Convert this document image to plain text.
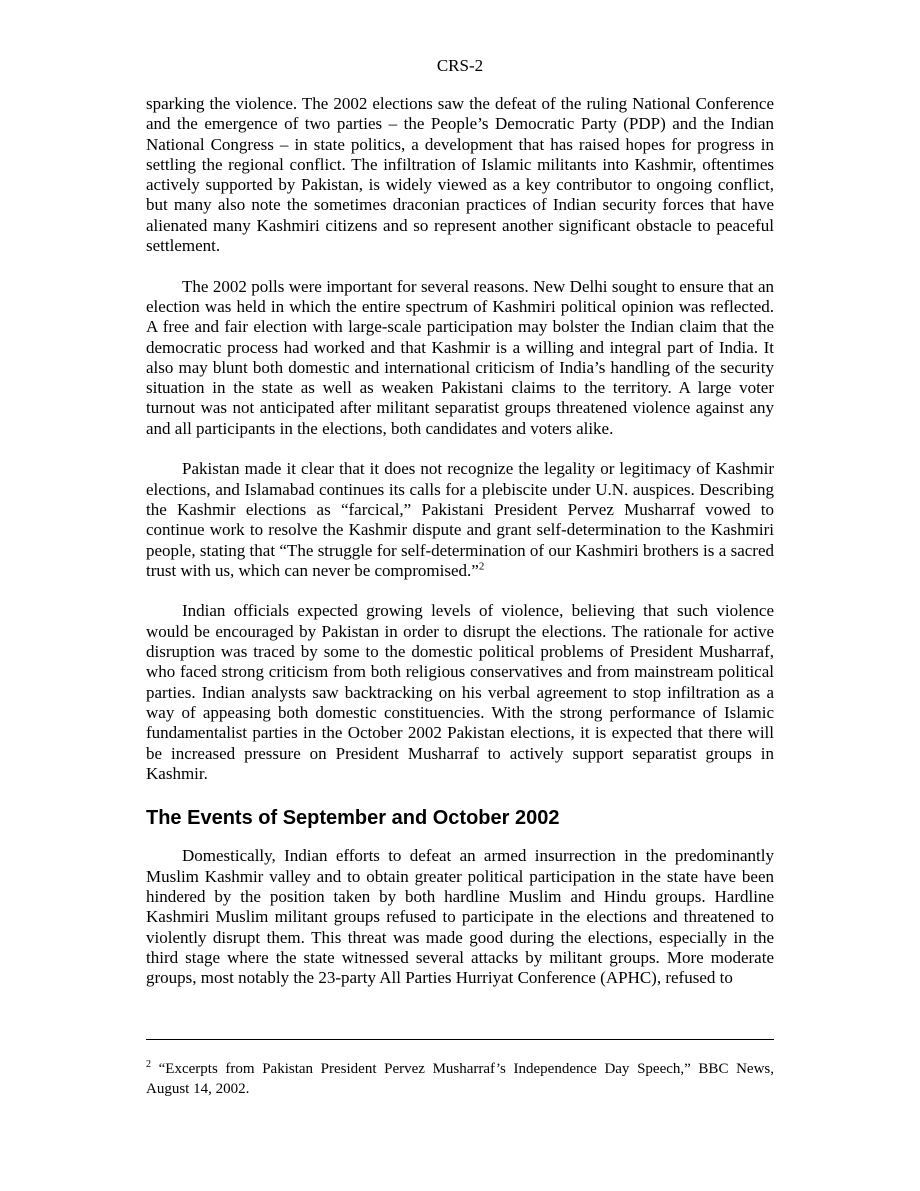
CRS-2

sparking the violence. The 2002 elections saw the defeat of the ruling National Conference and the emergence of two parties – the People’s Democratic Party (PDP) and the Indian National Congress – in state politics, a development that has raised hopes for progress in settling the regional conflict. The infiltration of Islamic militants into Kashmir, oftentimes actively supported by Pakistan, is widely viewed as a key contributor to ongoing conflict, but many also note the sometimes draconian practices of Indian security forces that have alienated many Kashmiri citizens and so represent another significant obstacle to peaceful settlement.

The 2002 polls were important for several reasons. New Delhi sought to ensure that an election was held in which the entire spectrum of Kashmiri political opinion was reflected. A free and fair election with large-scale participation may bolster the Indian claim that the democratic process had worked and that Kashmir is a willing and integral part of India. It also may blunt both domestic and international criticism of India’s handling of the security situation in the state as well as weaken Pakistani claims to the territory. A large voter turnout was not anticipated after militant separatist groups threatened violence against any and all participants in the elections, both candidates and voters alike.

Pakistan made it clear that it does not recognize the legality or legitimacy of Kashmir elections, and Islamabad continues its calls for a plebiscite under U.N. auspices. Describing the Kashmir elections as “farcical,” Pakistani President Pervez Musharraf vowed to continue work to resolve the Kashmir dispute and grant self-determination to the Kashmiri people, stating that “The struggle for self-determination of our Kashmiri brothers is a sacred trust with us, which can never be compromised.”$^2$

Indian officials expected growing levels of violence, believing that such violence would be encouraged by Pakistan in order to disrupt the elections. The rationale for active disruption was traced by some to the domestic political problems of President Musharraf, who faced strong criticism from both religious conservatives and from mainstream political parties. Indian analysts saw backtracking on his verbal agreement to stop infiltration as a way of appeasing both domestic constituencies. With the strong performance of Islamic fundamentalist parties in the October 2002 Pakistan elections, it is expected that there will be increased pressure on President Musharraf to actively support separatist groups in Kashmir.

The Events of September and October 2002

Domestically, Indian efforts to defeat an armed insurrection in the predominantly Muslim Kashmir valley and to obtain greater political participation in the state have been hindered by the position taken by both hardline Muslim and Hindu groups. Hardline Kashmiri Muslim militant groups refused to participate in the elections and threatened to violently disrupt them. This threat was made good during the elections, especially in the third stage where the state witnessed several attacks by militant groups. More moderate groups, most notably the 23-party All Parties Hurriyat Conference (APHC), refused to

$^2$ “Excerpts from Pakistan President Pervez Musharraf’s Independence Day Speech,” BBC News, August 14, 2002.
